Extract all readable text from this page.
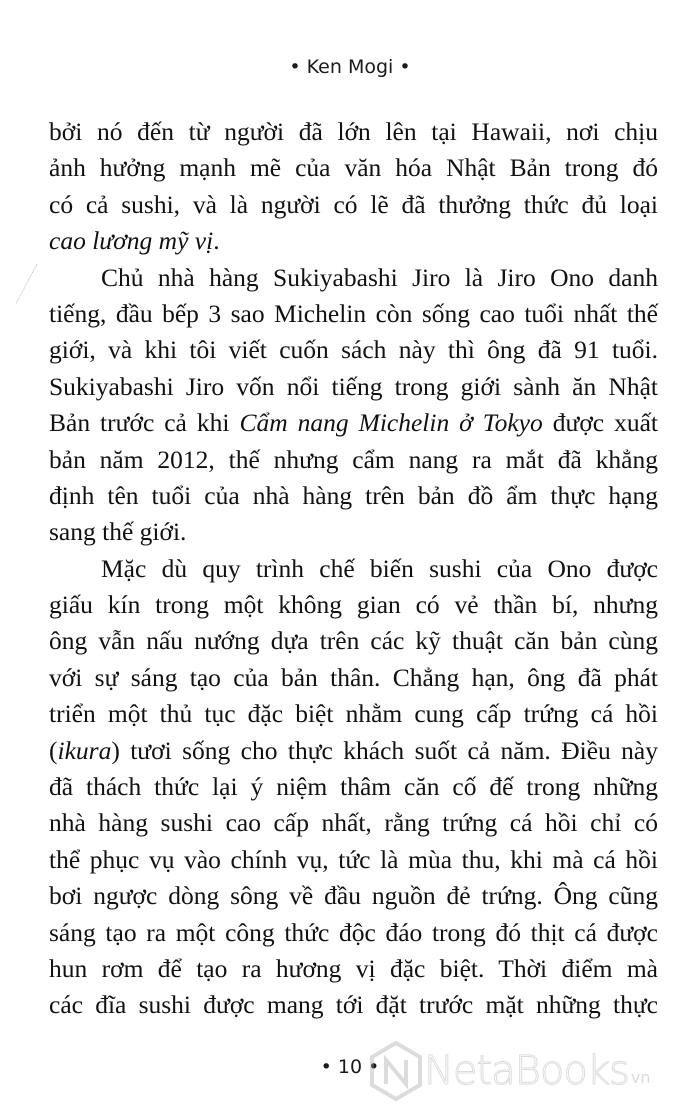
• Ken Mogi •
bởi nó đến từ người đã lớn lên tại Hawaii, nơi chịu
ảnh hưởng mạnh mẽ của văn hóa Nhật Bản trong đó
có cả sushi, và là người có lẽ đã thưởng thức đủ loại
cao lương mỹ vị.
Chủ nhà hàng Sukiyabashi Jiro là Jiro Ono danh
tiếng, đầu bếp 3 sao Michelin còn sống cao tuổi nhất thế
giới, và khi tôi viết cuốn sách này thì ông đã 91 tuổi.
Sukiyabashi Jiro vốn nổi tiếng trong giới sành ăn Nhật
Bản trước cả khi Cẩm nang Michelin ở Tokyo được xuất
bản năm 2012, thế nhưng cẩm nang ra mắt đã khẳng
định tên tuổi của nhà hàng trên bản đồ ẩm thực hạng
sang thế giới.
Mặc dù quy trình chế biến sushi của Ono được
giấu kín trong một không gian có vẻ thần bí, nhưng
ông vẫn nấu nướng dựa trên các kỹ thuật căn bản cùng
với sự sáng tạo của bản thân. Chẳng hạn, ông đã phát
triển một thủ tục đặc biệt nhằm cung cấp trứng cá hồi
(ikura) tươi sống cho thực khách suốt cả năm. Điều này
đã thách thức lại ý niệm thâm căn cố đế trong những
nhà hàng sushi cao cấp nhất, rằng trứng cá hồi chỉ có
thể phục vụ vào chính vụ, tức là mùa thu, khi mà cá hồi
bơi ngược dòng sông về đầu nguồn đẻ trứng. Ông cũng
sáng tạo ra một công thức độc đáo trong đó thịt cá được
hun rơm để tạo ra hương vị đặc biệt. Thời điểm mà
các đĩa sushi được mang tới đặt trước mặt những thực
• 10 •	NetaBooks vn
